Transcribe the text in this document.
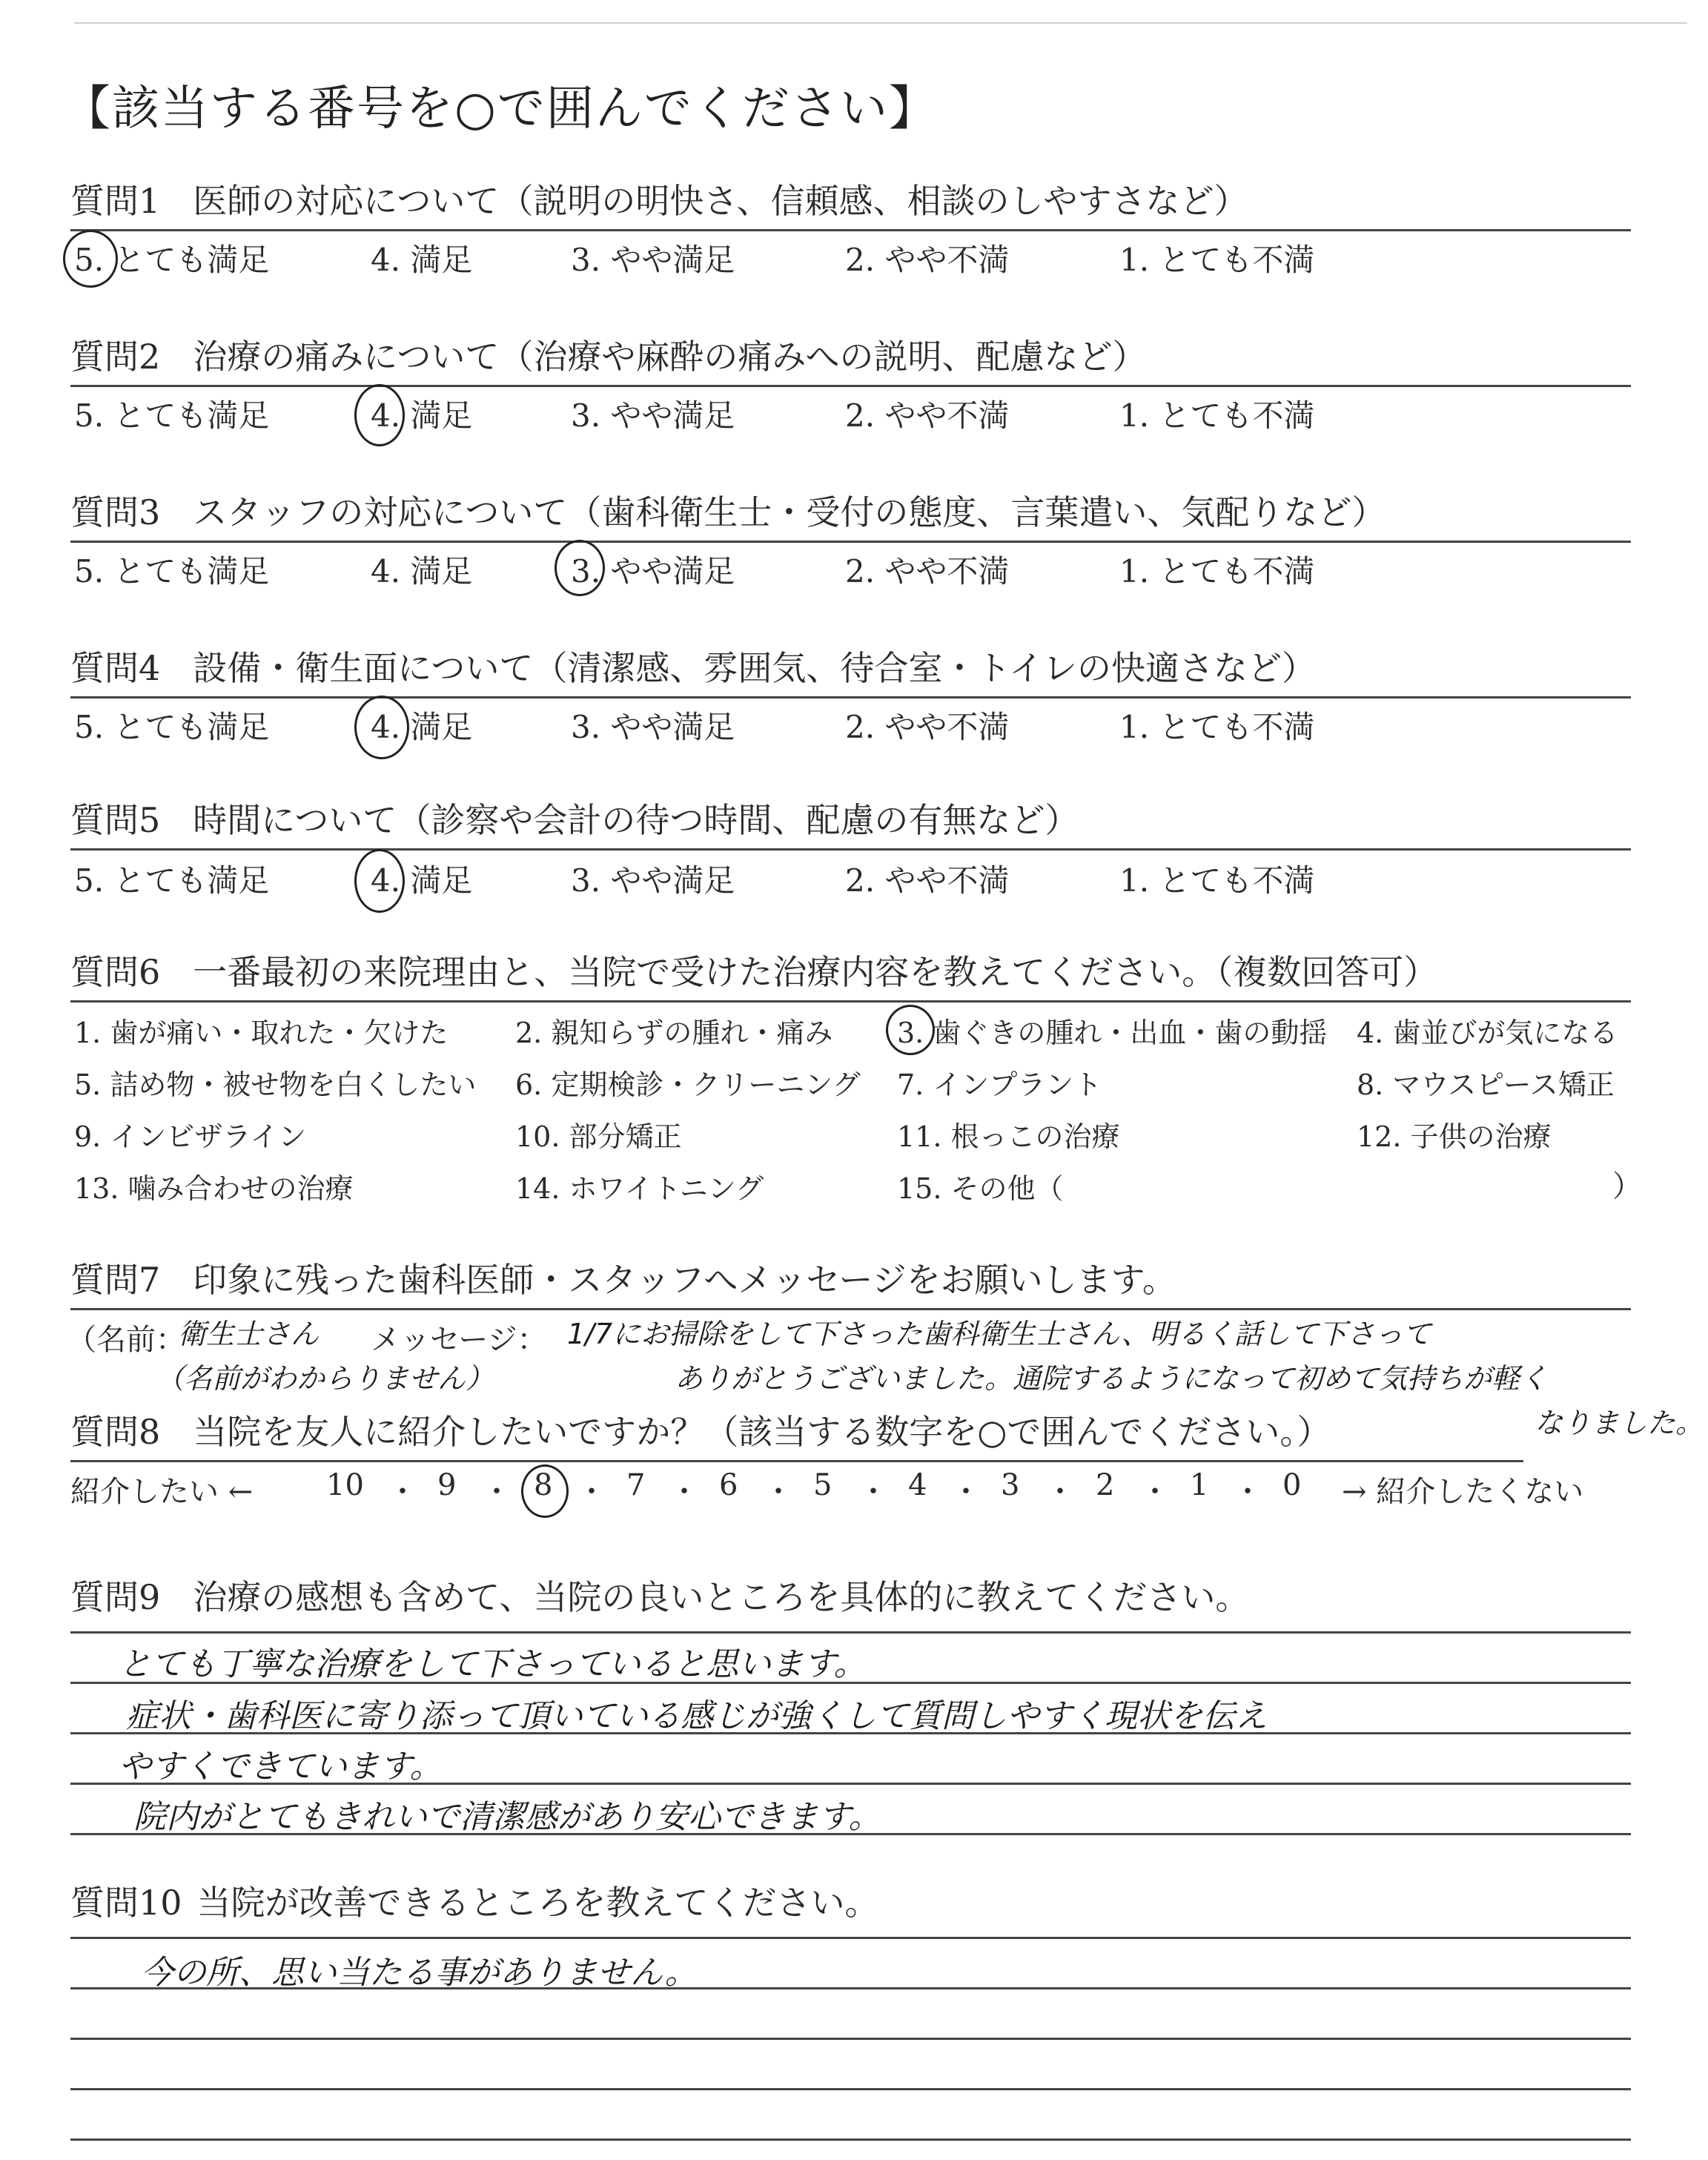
【該当する番号を○で囲んでください】
質問1 医師の対応について（説明の明快さ、信頼感、相談のしやすさなど）
5. とても満足	4. 満足	3. やや満足	2. やや不満	1. とても不満
質問2 治療の痛みについて（治療や麻酔の痛みへの説明、配慮など）
5. とても満足	4. 満足	3. やや満足	2. やや不満	1. とても不満
質問3 スタッフの対応について（歯科衛生士・受付の態度、言葉遣い、気配りなど）
5. とても満足	4. 満足	3. やや満足	2. やや不満	1. とても不満
質問4 設備・衛生面について（清潔感、雰囲気、待合室・トイレの快適さなど）
5. とても満足	4. 満足	3. やや満足	2. やや不満	1. とても不満
質問5 時間について（診察や会計の待つ時間、配慮の有無など）
5. とても満足	4. 満足	3. やや満足	2. やや不満	1. とても不満
質問6 一番最初の来院理由と、当院で受けた治療内容を教えてください。（複数回答可）
1. 歯が痛い・取れた・欠けた 2. 親知らずの腫れ・痛み 3. 歯ぐきの腫れ・出血・歯の動揺 4. 歯並びが気になる
5. 詰め物・被せ物を白くしたい 6. 定期検診・クリーニング 7. インプラント	8. マウスピース矯正
9. インビザライン	10. 部分矯正	11. 根っこの治療	12. 子供の治療
13. 噛み合わせの治療	14. ホワイトニング	15. その他（	）
質問7 印象に残った歯科医師・スタッフへメッセージをお願いします。
（名前：
衛生士さん
（名前がわからりません）
メッセージ： 1/7にお掃除をして下さった歯科衛生士さん、明るく話して下さって
ありがとうございました。通院するようになって初めて気持ちが軽く
なりました。
質問8 当院を友人に紹介したいですか？（該当する数字を○で囲んでください。）
紹介したい ← 10 ・ 9 ・ 8 ・ 7 ・ 6 ・ 5 ・ 4 ・ 3 ・ 2 ・ 1 ・ 0 → 紹介したくない
質問9 治療の感想も含めて、当院の良いところを具体的に教えてください。
とても丁寧な治療をして下さっていると思います。
症状・歯科医に寄り添って頂いている感じが強くして質問しやすく現状を伝え
やすくできています。
院内がとてもきれいで清潔感があり安心できます。
質問10 当院が改善できるところを教えてください。
今の所、思い当たる事がありません。
